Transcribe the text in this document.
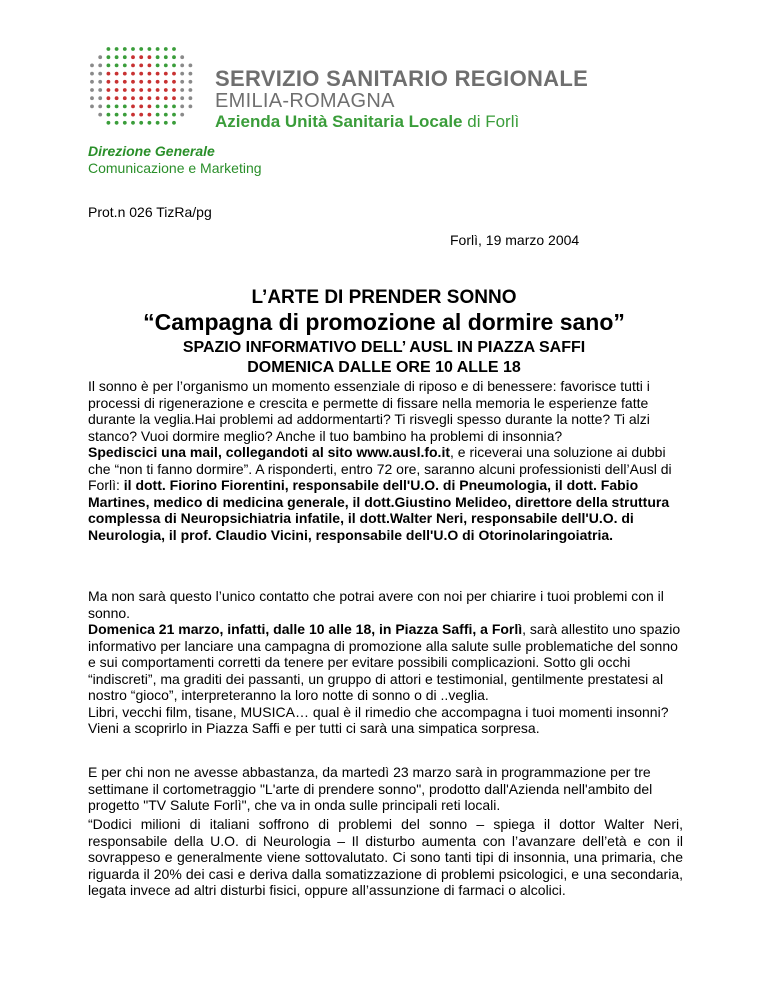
SERVIZIO SANITARIO REGIONALE
EMILIA-ROMAGNA
Azienda Unità Sanitaria Locale di Forlì
Direzione Generale
Comunicazione e Marketing
Prot.n 026 TizRa/pg
Forlì, 19 marzo 2004
L’ARTE DI PRENDER SONNO
“Campagna di promozione al dormire sano”
SPAZIO INFORMATIVO DELL’ AUSL IN PIAZZA SAFFI
DOMENICA DALLE ORE 10 ALLE 18

Il sonno è per l’organismo un momento essenziale di riposo e di benessere: favorisce tutti i processi di rigenerazione e crescita e permette di fissare nella memoria le esperienze fatte durante la veglia.Hai problemi ad addormentarti? Ti risvegli spesso durante la notte? Ti alzi stanco? Vuoi dormire meglio? Anche il tuo bambino ha problemi di insonnia?
Spediscici una mail, collegandoti al sito www.ausl.fo.it, e riceverai una soluzione ai dubbi che “non ti fanno dormire”. A risponderti, entro 72 ore, saranno alcuni professionisti dell’Ausl di Forlì: il dott. Fiorino Fiorentini, responsabile dell'U.O. di Pneumologia, il dott. Fabio Martines, medico di medicina generale, il dott.Giustino Melideo, direttore della struttura complessa di Neuropsichiatria infatile, il dott.Walter Neri, responsabile dell'U.O. di Neurologia, il prof. Claudio Vicini, responsabile dell'U.O di Otorinolaringoiatria.

Ma non sarà questo l’unico contatto che potrai avere con noi per chiarire i tuoi problemi con il sonno.
Domenica 21 marzo, infatti, dalle 10 alle 18, in Piazza Saffi, a Forlì, sarà allestito uno spazio informativo per lanciare una campagna di promozione alla salute sulle problematiche del sonno e sui comportamenti corretti da tenere per evitare possibili complicazioni. Sotto gli occhi “indiscreti”, ma graditi dei passanti, un gruppo di attori e testimonial, gentilmente prestatesi al nostro “gioco”, interpreteranno la loro notte di sonno o di ..veglia.
Libri, vecchi film, tisane, MUSICA… qual è il rimedio che accompagna i tuoi momenti insonni? Vieni a scoprirlo in Piazza Saffi e per tutti ci sarà una simpatica sorpresa.

E per chi non ne avesse abbastanza, da martedì 23 marzo sarà in programmazione per tre settimane il cortometraggio "L'arte di prendere sonno", prodotto dall'Azienda nell'ambito del progetto "TV Salute Forlì", che va in onda sulle principali reti locali.

“Dodici milioni di italiani soffrono di problemi del sonno – spiega il dottor Walter Neri, responsabile della U.O. di Neurologia – Il disturbo aumenta con l’avanzare dell’età e con il sovrappeso e generalmente viene sottovalutato. Ci sono tanti tipi di insonnia, una primaria, che riguarda il 20% dei casi e deriva dalla somatizzazione di problemi psicologici, e una secondaria, legata invece ad altri disturbi fisici, oppure all’assunzione di farmaci o alcolici.
